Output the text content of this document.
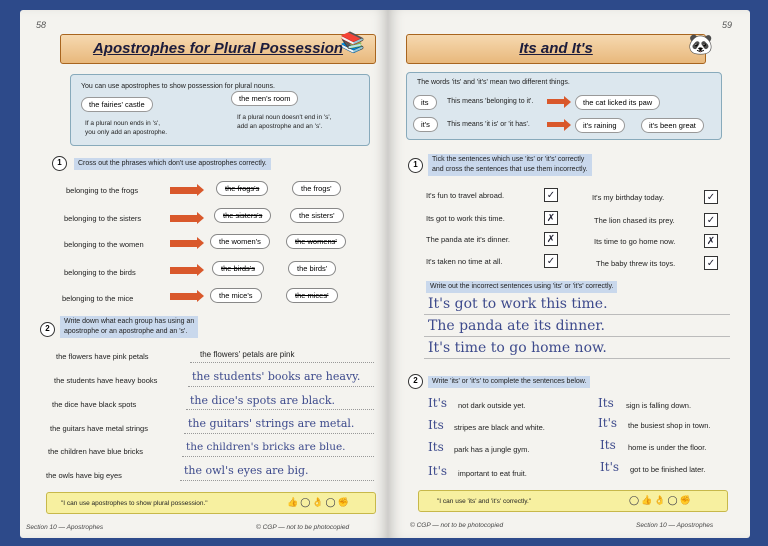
58
Apostrophes for Plural Possession
📚
You can use apostrophes to show possession for plural nouns.
the fairies' castle
the men's room
If a plural noun ends in 's',
you only add an apostrophe.
If a plural noun doesn't end in 's',
add an apostrophe and an 's'.
1	Cross out the phrases which don't use apostrophes correctly.
belonging to the frogs	the frogs's	the frogs'
belonging to the sisters	the sisters's	the sisters'
belonging to the women	the women's	the womens'
belonging to the birds	the birds's	the birds'
belonging to the mice	the mice's	the mices'
2
Write down what each group has using an
apostrophe or an apostrophe and an 's'.
the flowers have pink petals	the flowers' petals are pink
the students have heavy books	the students' books are heavy.
the dice have black spots	the dice's spots are black.
the guitars have metal strings	the guitars' strings are metal.
the children have blue bricks	the children's bricks are blue.
the owls have big eyes	the owl's eyes are big.
"I can use apostrophes to show plural possession."	👍◯👌◯✊
Section 10 — Apostrophes	© CGP — not to be photocopied
59
Its and It's	🐼
The words 'its' and 'it's' mean two different things.
its	This means 'belonging to it'.	the cat licked its paw
it's	This means 'it is' or 'it has'.	it's raining	it's been great
1
Tick the sentences which use 'its' or 'it's' correctly
and cross the sentences that use them incorrectly.
It's fun to travel abroad.	✓
Its got to work this time.	✗
The panda ate it's dinner.	✗
It's taken no time at all.	✓
It's my birthday today.	✓
The lion chased its prey.	✓
Its time to go home now.	✗
The baby threw its toys.	✓
Write out the incorrect sentences using 'its' or 'it's' correctly.
It's got to work this time.
The panda ate its dinner.
It's time to go home now.
2	Write 'its' or 'it's' to complete the sentences below.
It's not dark outside yet.
Its stripes are black and white.
Its park has a jungle gym.
It's important to eat fruit.
Its sign is falling down.
It's the busiest shop in town.
Its home is under the floor.
It's got to be finished later.
"I can use 'its' and 'it's' correctly."	◯👍👌◯✊
© CGP — not to be photocopied	Section 10 — Apostrophes
